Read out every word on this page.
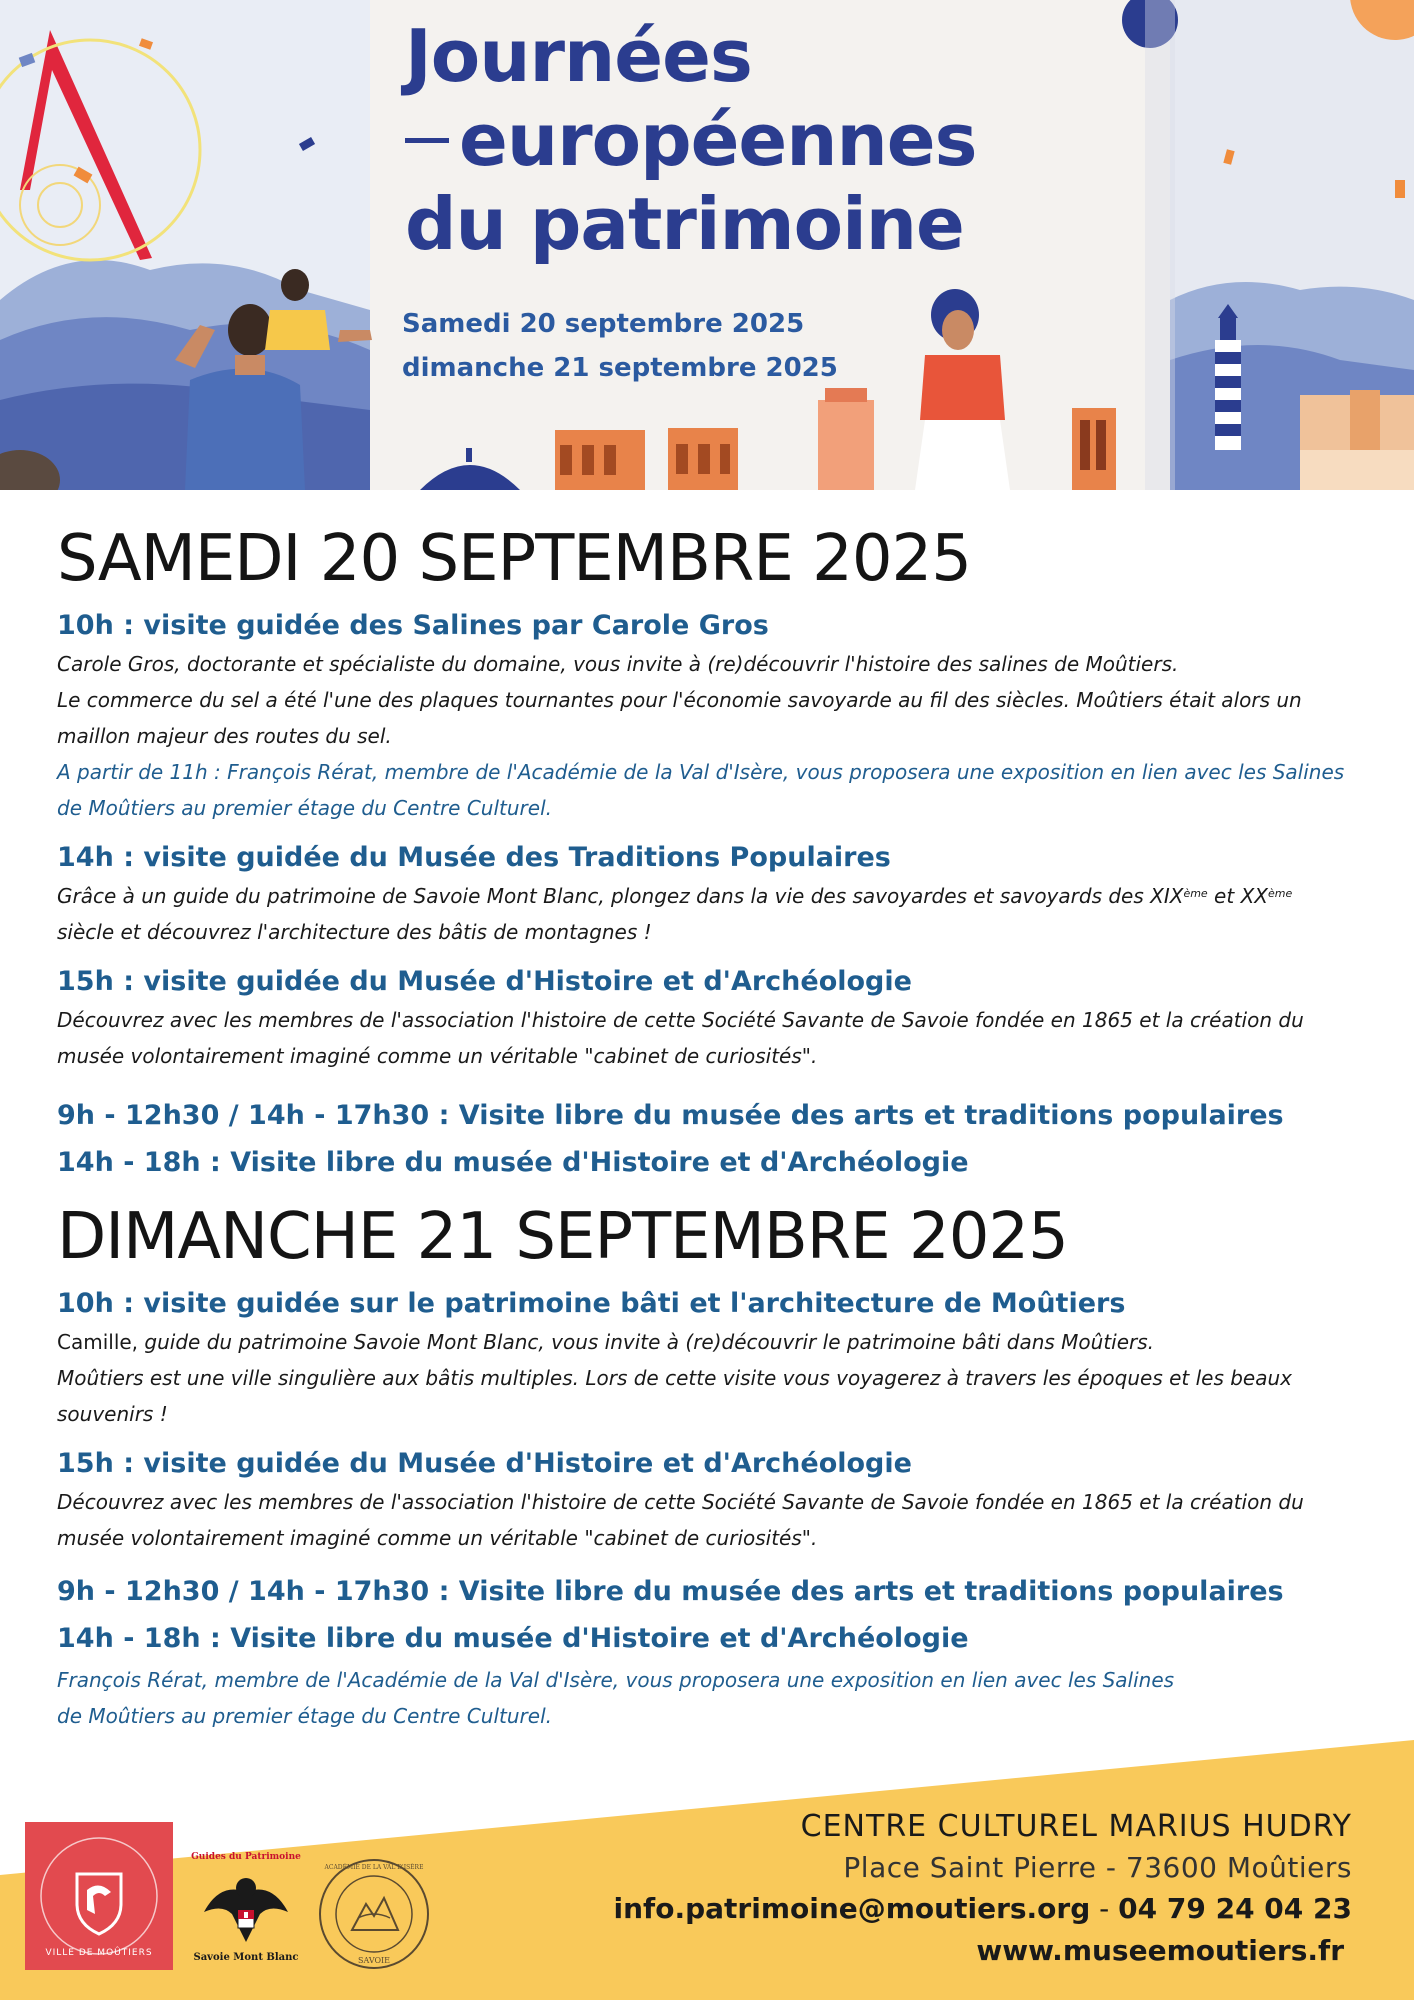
Journées
européennes
du patrimoine
Samedi 20 septembre 2025
dimanche 21 septembre 2025
SAMEDI 20 SEPTEMBRE 2025

10h : visite guidée des Salines par Carole Gros

Carole Gros, doctorante et spécialiste du domaine, vous invite à (re)découvrir l'histoire des salines de Moûtiers.

Le commerce du sel a été l'une des plaques tournantes pour l'économie savoyarde au fil des siècles. Moûtiers était alors un maillon majeur des routes du sel.

A partir de 11h : François Rérat, membre de l'Académie de la Val d'Isère, vous proposera une exposition en lien avec les Salines de Moûtiers au premier étage du Centre Culturel.

14h : visite guidée du Musée des Traditions Populaires

Grâce à un guide du patrimoine de Savoie Mont Blanc, plongez dans la vie des savoyardes et savoyards des XIXème et XXème siècle et découvrez l'architecture des bâtis de montagnes !

15h : visite guidée du Musée d'Histoire et d'Archéologie

Découvrez avec les membres de l'association l'histoire de cette Société Savante de Savoie fondée en 1865 et la création du musée volontairement imaginé comme un véritable "cabinet de curiosités".

9h - 12h30 / 14h - 17h30 : Visite libre du musée des arts et traditions populaires

14h - 18h : Visite libre du musée d'Histoire et d'Archéologie

DIMANCHE 21 SEPTEMBRE 2025

10h : visite guidée sur le patrimoine bâti et l'architecture de Moûtiers

Camille, guide du patrimoine Savoie Mont Blanc, vous invite à (re)découvrir le patrimoine bâti dans Moûtiers.

Moûtiers est une ville singulière aux bâtis multiples. Lors de cette visite vous voyagerez à travers les époques et les beaux souvenirs !

15h : visite guidée du Musée d'Histoire et d'Archéologie

Découvrez avec les membres de l'association l'histoire de cette Société Savante de Savoie fondée en 1865 et la création du musée volontairement imaginé comme un véritable "cabinet de curiosités".

9h - 12h30 / 14h - 17h30 : Visite libre du musée des arts et traditions populaires

14h - 18h : Visite libre du musée d'Histoire et d'Archéologie

François Rérat, membre de l'Académie de la Val d'Isère, vous proposera une exposition en lien avec les Salines

de Moûtiers au premier étage du Centre Culturel.

VILLE DE MOÛTIERS
Guides du Patrimoine
Savoie Mont Blanc
ACADÉMIE DE LA VAL D'ISÈRE
SAVOIE
CENTRE CULTUREL MARIUS HUDRY
Place Saint Pierre - 73600 Moûtiers
info.patrimoine@moutiers.org - 04 79 24 04 23
www.museemoutiers.fr
